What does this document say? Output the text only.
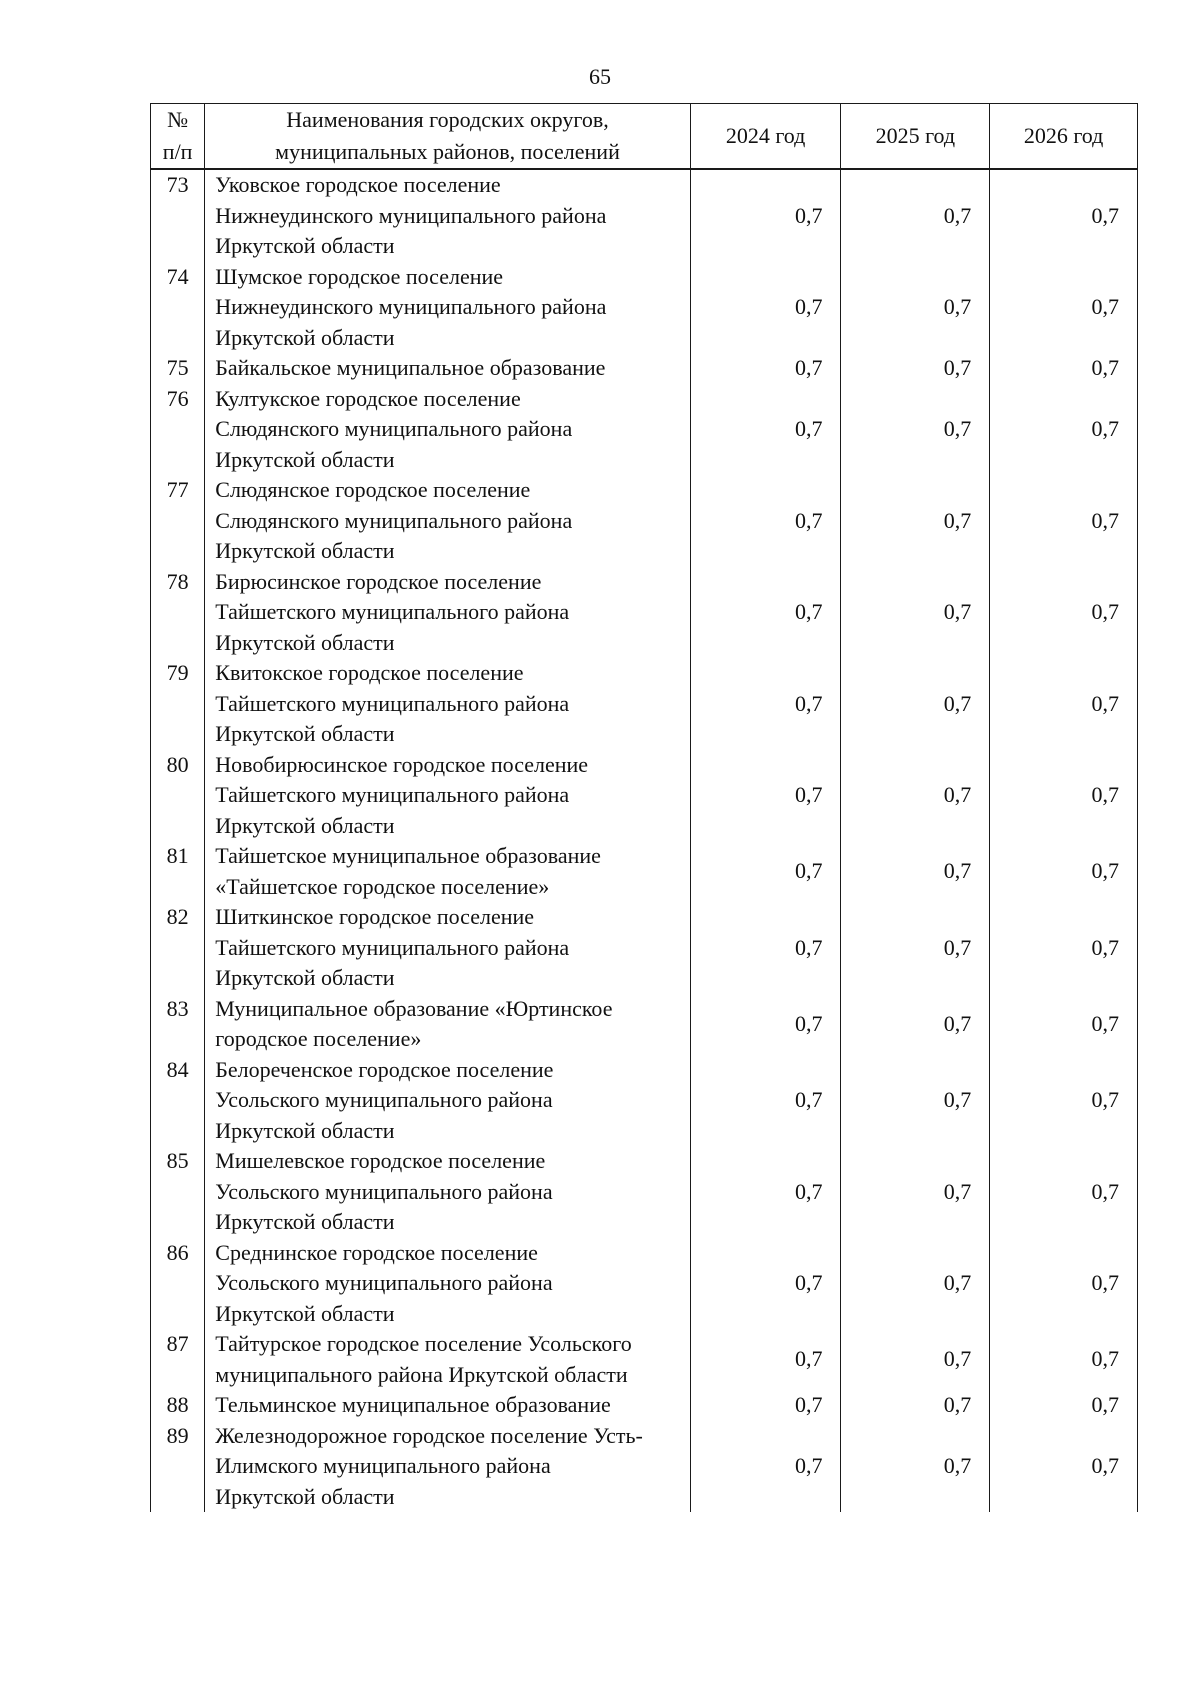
65
№
п/п	Наименования городских округов,
муниципальных районов, поселений	2024 год	2025 год	2026 год
73	Уковское городское поселение
Нижнеудинского муниципального района
Иркутской области	0,7	0,7	0,7
74	Шумское городское поселение
Нижнеудинского муниципального района
Иркутской области	0,7	0,7	0,7
75	Байкальское муниципальное образование	0,7	0,7	0,7
76	Култукское городское поселение
Слюдянского муниципального района
Иркутской области	0,7	0,7	0,7
77	Слюдянское городское поселение
Слюдянского муниципального района
Иркутской области	0,7	0,7	0,7
78	Бирюсинское городское поселение
Тайшетского муниципального района
Иркутской области	0,7	0,7	0,7
79	Квитокское городское поселение
Тайшетского муниципального района
Иркутской области	0,7	0,7	0,7
80	Новобирюсинское городское поселение
Тайшетского муниципального района
Иркутской области	0,7	0,7	0,7
81	Тайшетское муниципальное образование
«Тайшетское городское поселение»	0,7	0,7	0,7
82	Шиткинское городское поселение
Тайшетского муниципального района
Иркутской области	0,7	0,7	0,7
83	Муниципальное образование «Юртинское
городское поселение»	0,7	0,7	0,7
84	Белореченское городское поселение
Усольского муниципального района
Иркутской области	0,7	0,7	0,7
85	Мишелевское городское поселение
Усольского муниципального района
Иркутской области	0,7	0,7	0,7
86	Среднинское городское поселение
Усольского муниципального района
Иркутской области	0,7	0,7	0,7
87	Тайтурское городское поселение Усольского
муниципального района Иркутской области	0,7	0,7	0,7
88	Тельминское муниципальное образование	0,7	0,7	0,7
89	Железнодорожное городское поселение Усть-
Илимского муниципального района
Иркутской области	0,7	0,7	0,7
